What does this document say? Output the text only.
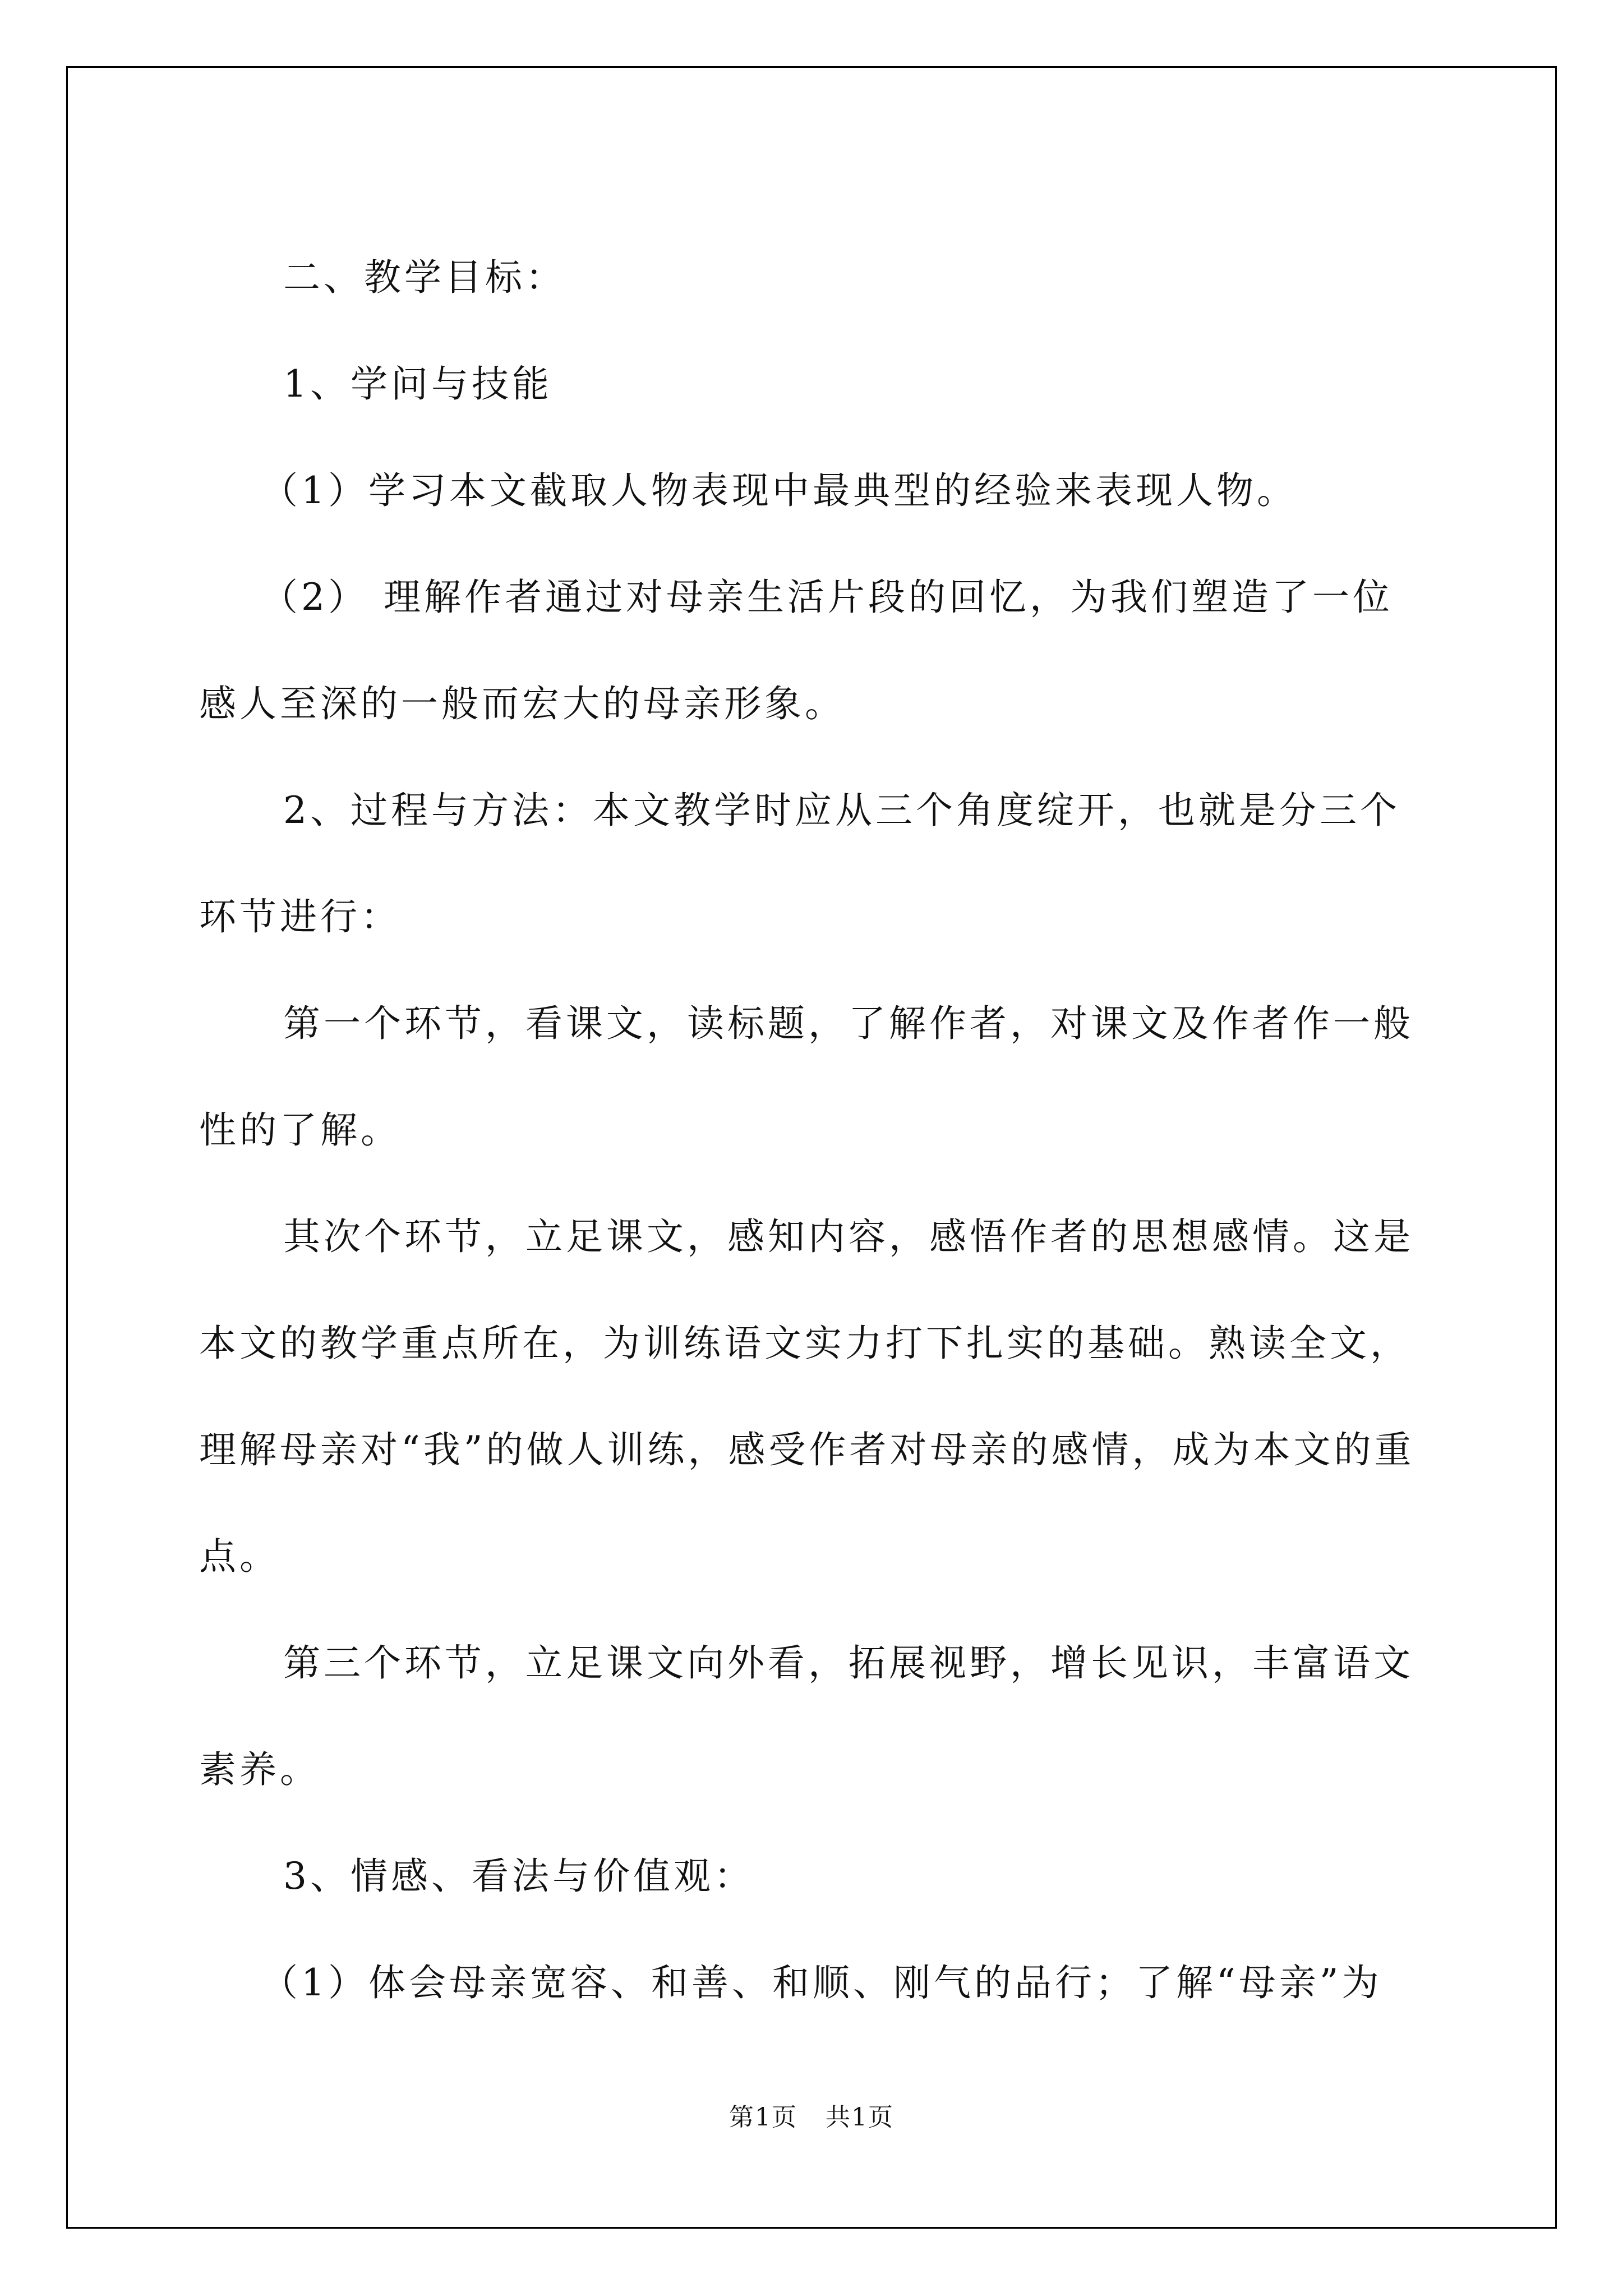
二、教学目标：

1、学问与技能

（1）学习本文截取人物表现中最典型的经验来表现人物。

（2） 理解作者通过对母亲生活片段的回忆，为我们塑造了一位感人至深的一般而宏大的母亲形象。

2、过程与方法：本文教学时应从三个角度绽开，也就是分三个环节进行：

第一个环节，看课文，读标题，了解作者，对课文及作者作一般性的了解。

其次个环节，立足课文，感知内容，感悟作者的思想感情。这是本文的教学重点所在，为训练语文实力打下扎实的基础。熟读全文，理解母亲对“我”的做人训练，感受作者对母亲的感情，成为本文的重点。

第三个环节，立足课文向外看，拓展视野，增长见识，丰富语文素养。

3、情感、看法与价值观：

（1）体会母亲宽容、和善、和顺、刚气的品行；了解“母亲”为

第1页 共1页
